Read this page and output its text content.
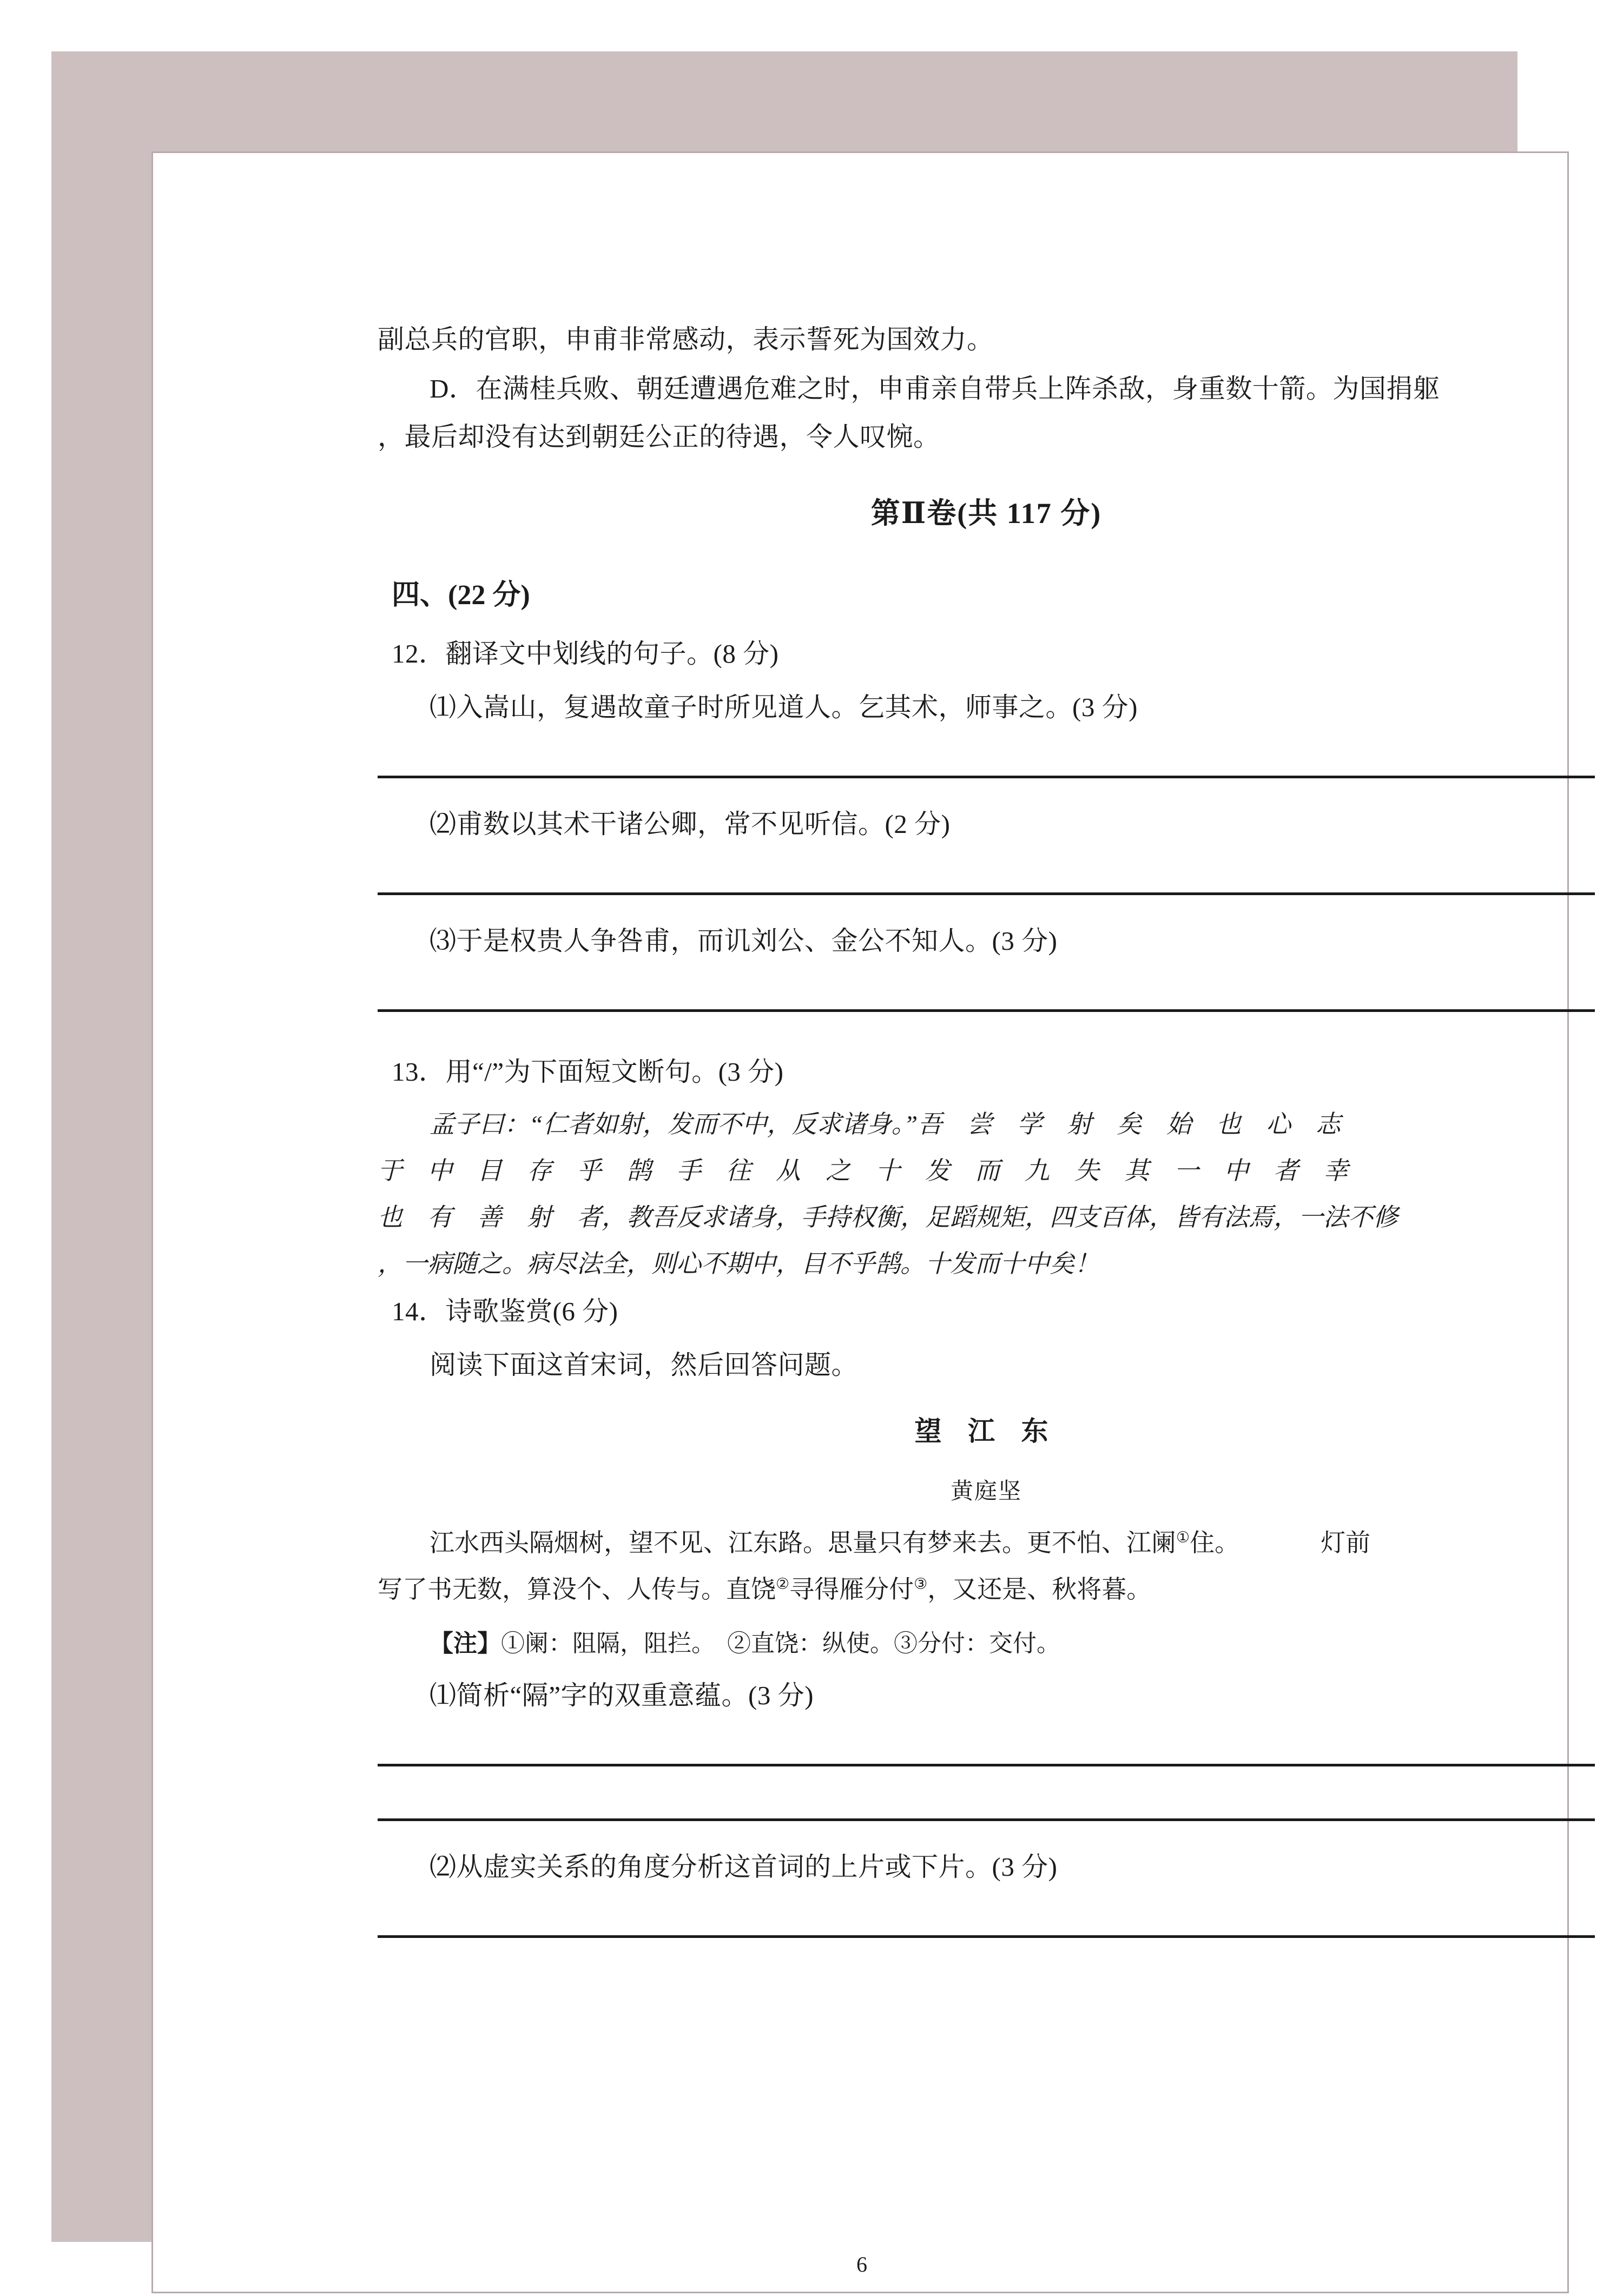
副总兵的官职，申甫非常感动，表示誓死为国效力。
D．在满桂兵败、朝廷遭遇危难之时，申甫亲自带兵上阵杀敌，身重数十箭。为国捐躯
，最后却没有达到朝廷公正的待遇，令人叹惋。
第Ⅱ卷(共 117 分)
四、(22 分)
12．翻译文中划线的句子。(8 分)
⑴入嵩山，复遇故童子时所见道人。乞其术，师事之。(3 分)
⑵甫数以其术干诸公卿，常不见听信。(2 分)
⑶于是权贵人争咎甫，而讥刘公、金公不知人。(3 分)
13．用“/”为下面短文断句。(3 分)
孟子曰：“仁者如射，发而不中，反求诸身。”吾　尝　学　射　矣　始　也　心　志
于　中　目　存　乎　鹄　手　往　从　之　十　发　而　九　失　其　一　中　者　幸
也　有　善　射　者，教吾反求诸身，手持权衡，足蹈规矩，四支百体，皆有法焉，一法不修
，一病随之。病尽法全，则心不期中，目不乎鹄。十发而十中矣！
14．诗歌鉴赏(6 分)
阅读下面这首宋词，然后回答问题。
望 江 东
黄庭坚
江水西头隔烟树，望不见、江东路。思量只有梦来去。更不怕、江阑①住。	灯前
写了书无数，算没个、人传与。直饶②寻得雁分付③，又还是、秋将暮。
【注】①阑：阻隔，阻拦。　②直饶：纵使。③分付：交付。
⑴简析“隔”字的双重意蕴。(3 分)
⑵从虚实关系的角度分析这首词的上片或下片。(3 分)
6
